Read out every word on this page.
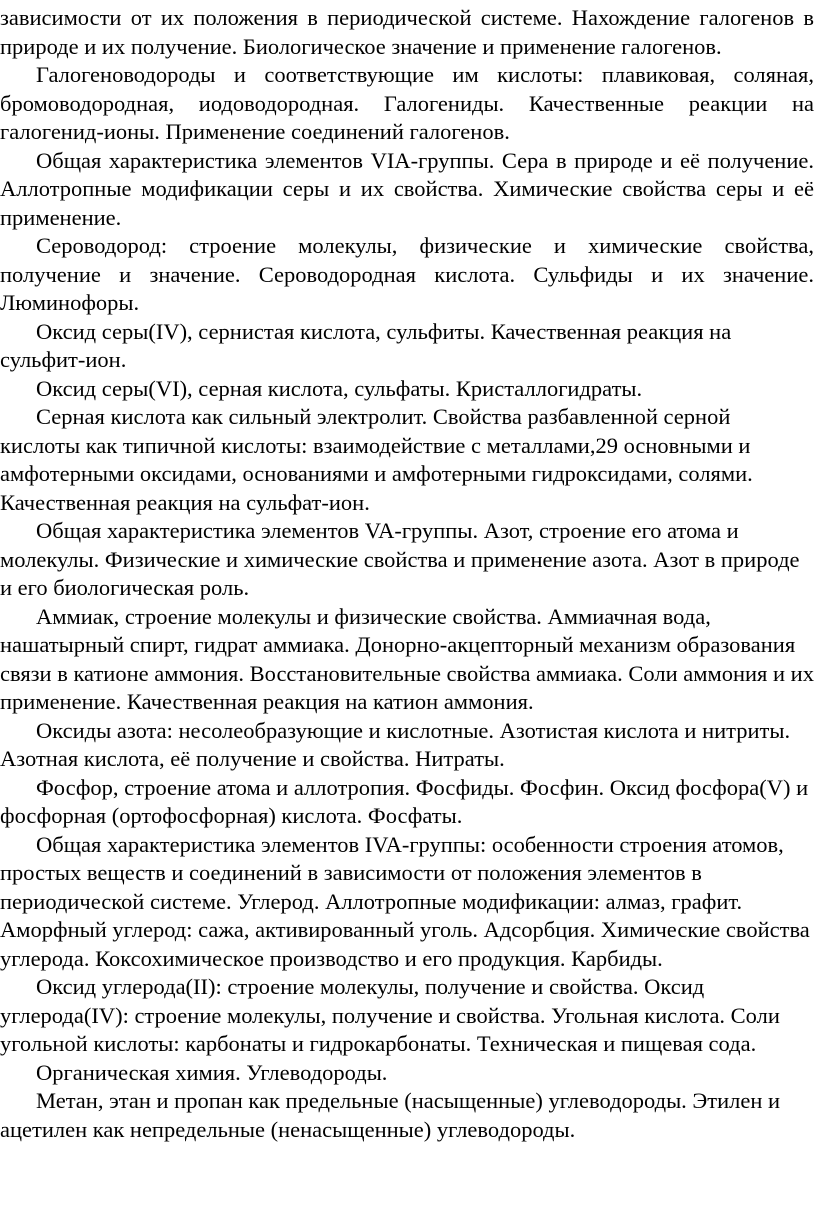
зависимости от их положения в периодической системе. Нахождение галогенов в природе и их получение. Биологическое значение и применение галогенов.

Галогеноводороды и соответствующие им кислоты: плавиковая, соляная, бромоводородная, иодоводородная. Галогениды. Качественные реакции на галогенид-ионы. Применение соединений галогенов.

Общая характеристика элементов VIA-группы. Сера в природе и её получение. Аллотропные модификации серы и их свойства. Химические свойства серы и её применение.

Сероводород: строение молекулы, физические и химические свойства, получение и значение. Сероводородная кислота. Сульфиды и их значение. Люминофоры.

Оксид серы(IV), сернистая кислота, сульфиты. Качественная реакция на сульфит-ион.

Оксид серы(VI), серная кислота, сульфаты. Кристаллогидраты.

Серная кислота как сильный электролит. Свойства разбавленной серной кислоты как типичной кислоты: взаимодействие с металлами,29 основными и амфотерными оксидами, основаниями и амфотерными гидроксидами, солями. Качественная реакция на сульфат-ион.

Общая характеристика элементов VA-группы. Азот, строение его атома и молекулы. Физические и химические свойства и применение азота. Азот в природе и его биологическая роль.

Аммиак, строение молекулы и физические свойства. Аммиачная вода, нашатырный спирт, гидрат аммиака. Донорно-акцепторный механизм образования связи в катионе аммония. Восстановительные свойства аммиака. Соли аммония и их применение. Качественная реакция на катион аммония.

Оксиды азота: несолеобразующие и кислотные. Азотистая кислота и нитриты. Азотная кислота, её получение и свойства. Нитраты.

Фосфор, строение атома и аллотропия. Фосфиды. Фосфин. Оксид фосфора(V) и фосфорная (ортофосфорная) кислота. Фосфаты.

Общая характеристика элементов IVA-группы: особенности строения атомов, простых веществ и соединений в зависимости от положения элементов в периодической системе. Углерод. Аллотропные модификации: алмаз, графит. Аморфный углерод: сажа, активированный уголь. Адсорбция. Химические свойства углерода. Коксохимическое производство и его продукция. Карбиды.

Оксид углерода(II): строение молекулы, получение и свойства. Оксид углерода(IV): строение молекулы, получение и свойства. Угольная кислота. Соли угольной кислоты: карбонаты и гидрокарбонаты. Техническая и пищевая сода.

Органическая химия. Углеводороды.

Метан, этан и пропан как предельные (насыщенные) углеводороды. Этилен и ацетилен как непредельные (ненасыщенные) углеводороды.
